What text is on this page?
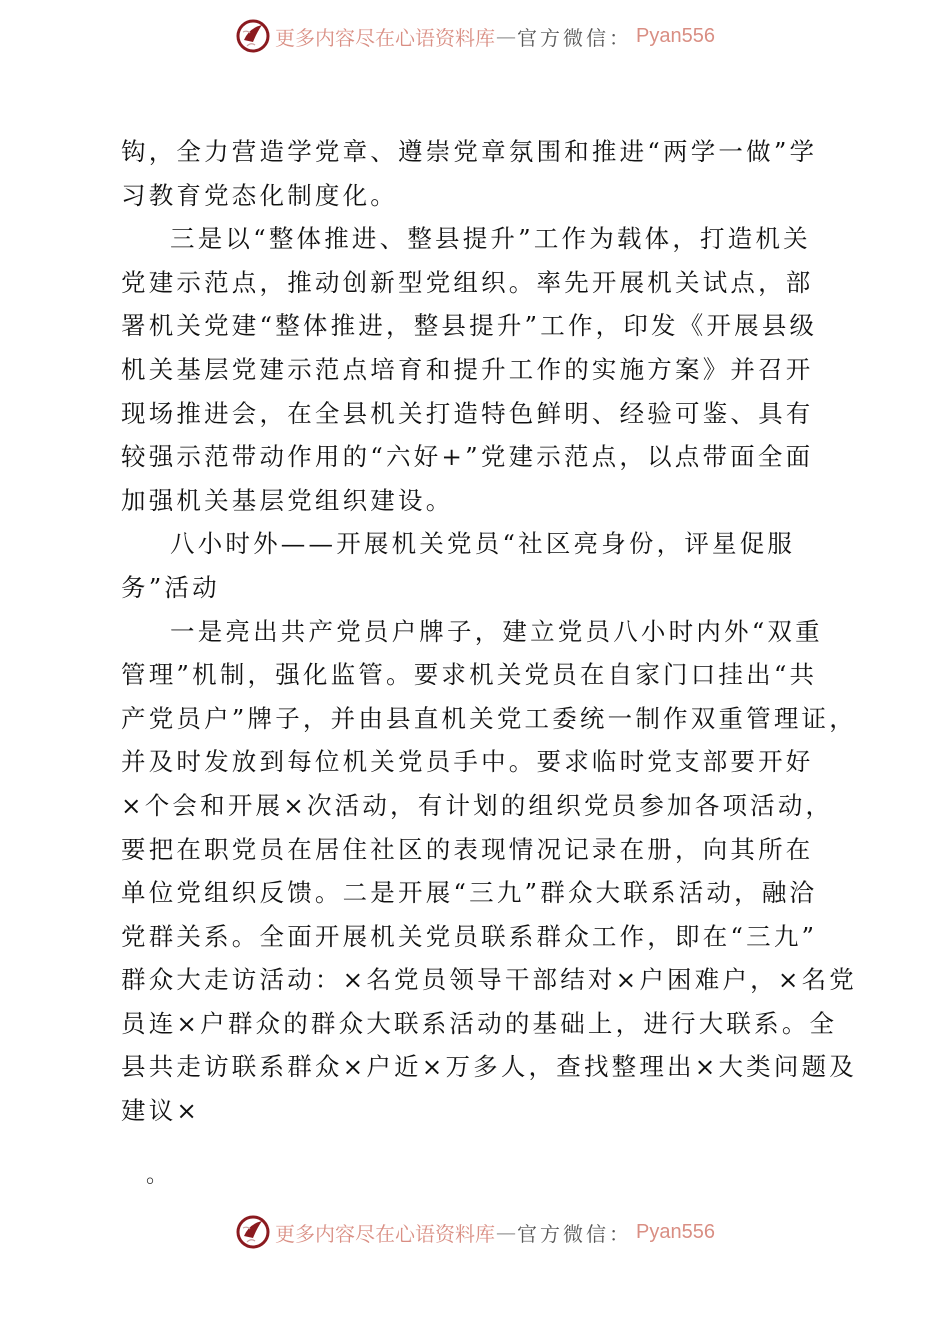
更多内容尽在心语资料库 — 官方微信： Pyan556
钩，全力营造学党章、遵崇党章氛围和推进“两学一做”学
习教育党态化制度化。
三是以“整体推进、整县提升”工作为载体，打造机关
党建示范点，推动创新型党组织。率先开展机关试点，部
署机关党建“整体推进，整县提升”工作，印发《开展县级
机关基层党建示范点培育和提升工作的实施方案》并召开
现场推进会，在全县机关打造特色鲜明、经验可鉴、具有
较强示范带动作用的“六好+”党建示范点，以点带面全面
加强机关基层党组织建设。
八小时外——开展机关党员“社区亮身份，评星促服
务”活动
一是亮出共产党员户牌子，建立党员八小时内外“双重
管理”机制，强化监管。要求机关党员在自家门口挂出“共
产党员户”牌子，并由县直机关党工委统一制作双重管理证，
并及时发放到每位机关党员手中。要求临时党支部要开好
×个会和开展×次活动，有计划的组织党员参加各项活动，
要把在职党员在居住社区的表现情况记录在册，向其所在
单位党组织反馈。二是开展“三九”群众大联系活动，融洽
党群关系。全面开展机关党员联系群众工作，即在“三九”
群众大走访活动：×名党员领导干部结对×户困难户，×名党
员连×户群众的群众大联系活动的基础上，进行大联系。全
县共走访联系群众×户近×万多人，查找整理出×大类问题及
建议×
。
更多内容尽在心语资料库 — 官方微信： Pyan556
